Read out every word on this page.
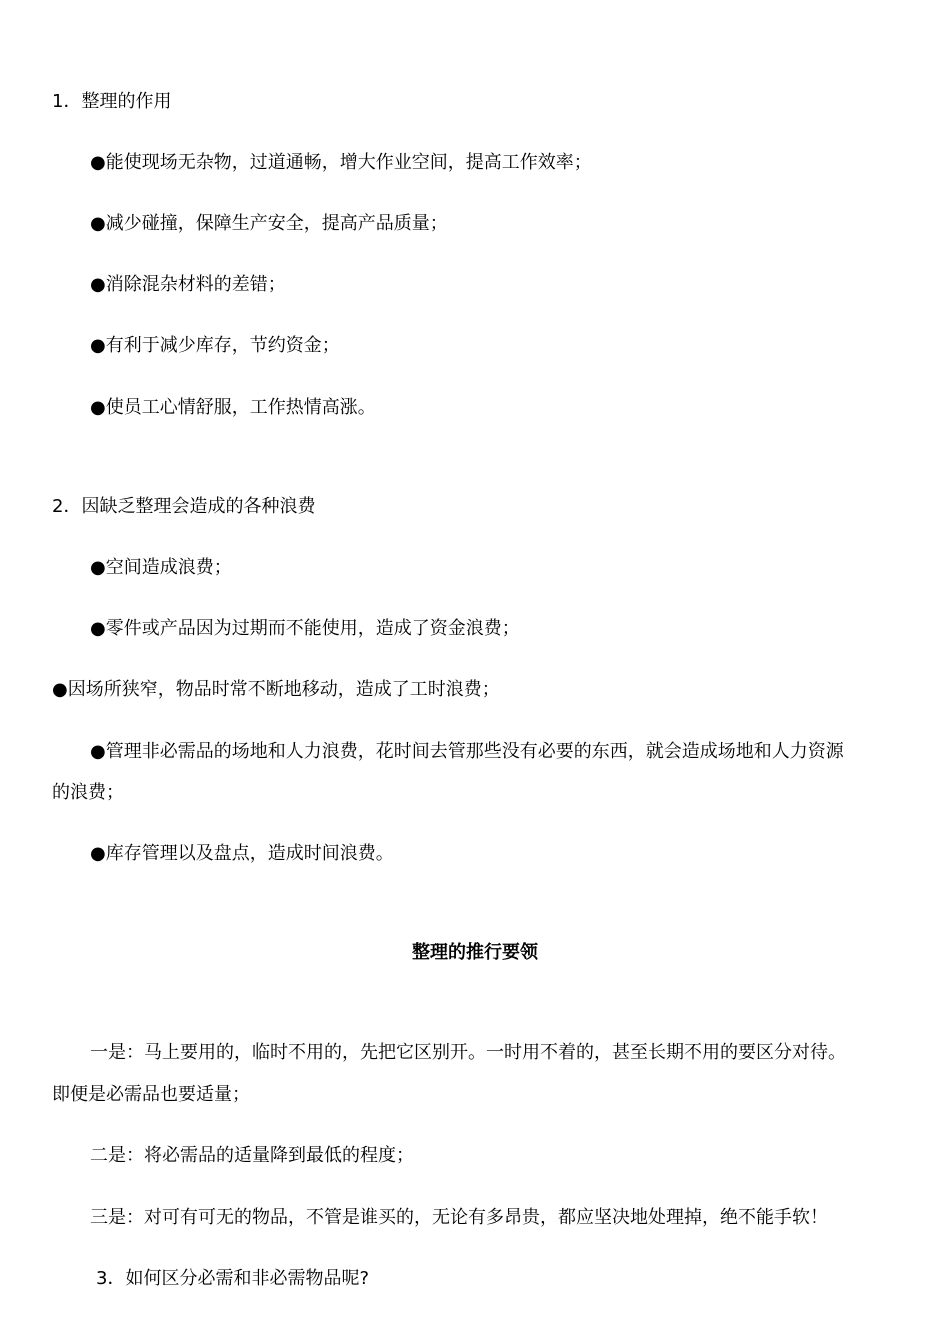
1．整理的作用
●能使现场无杂物，过道通畅，增大作业空间，提高工作效率；
●减少碰撞，保障生产安全，提高产品质量；
●消除混杂材料的差错；
●有利于减少库存，节约资金；
●使员工心情舒服，工作热情高涨。
2．因缺乏整理会造成的各种浪费
●空间造成浪费；
●零件或产品因为过期而不能使用，造成了资金浪费；
●因场所狭窄，物品时常不断地移动，造成了工时浪费；
●管理非必需品的场地和人力浪费，花时间去管那些没有必要的东西，就会造成场地和人力资源
的浪费；
●库存管理以及盘点，造成时间浪费。
整理的推行要领
一是：马上要用的，临时不用的，先把它区别开。一时用不着的，甚至长期不用的要区分对待。
即便是必需品也要适量；
二是：将必需品的适量降到最低的程度；
三是：对可有可无的物品，不管是谁买的，无论有多昂贵，都应坚决地处理掉，绝不能手软！
3．如何区分必需和非必需物品呢?
